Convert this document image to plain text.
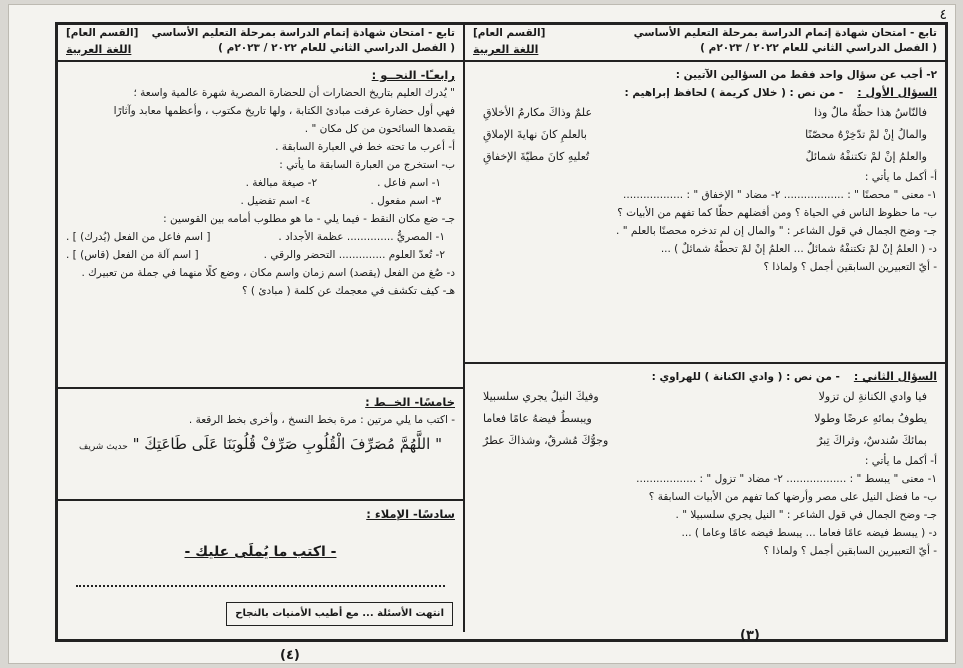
٤
تابع - امتحان شهادة إتمام الدراسة بمرحلة التعليم الأساسي
( الفصل الدراسي الثاني للعام ٢٠٢٢ / ٢٠٢٣م )
[القسم العام]
اللغة العربية
رابعـًا- النحــو :
" يُدرك العليم بتاريخ الحضارات أن للحضارة المصرية شهرة عالمية واسعة ؛
فهي أول حضارة عرفت مبادئ الكتابة ، ولها تاريخ مكتوب ، وأعظمها معابد وآثارًا
يقصدها السائحون من كل مكان " .
أ- أعرب ما تحته خط في العبارة السابقة .
ب- استخرج من العبارة السابقة ما يأتي :
١- اسم فاعل .
٢- صيغة مبالغة .
٣- اسم مفعول .
٤- اسم تفضيل .
جـ- ضع مكان النقط - فيما يلي - ما هو مطلوب أمامه بين القوسين :
١- المصريُّ .............. عظمة الأجداد .
[ اسم فاعل من الفعل (يُدرك) ] .
٢- تُعدّ العلوم .............. التحضر والرقي .
[ اسم آلة من الفعل (قاس) ] .
د- صُغ من الفعل (يقصد) اسم زمان واسم مكان ، وضع كلًا منهما في جملة من تعبيرك .
هـ- كيف تكشف في معجمك عن كلمة ( مبادئ ) ؟
خامسًا- الخــط :
- اكتب ما يلي مرتين : مرة بخط النسخ ، وأخرى بخط الرقعة .
" اللَّهُمَّ مُصَرِّفَ الْقُلُوبِ صَرِّفْ قُلُوبَنَا عَلَى طَاعَتِكَ " حديث شريف
سادسًا- الإملاء :
- اكتب ما يُملَى عليك -
انتهت الأسئلة ... مع أطيب الأمنيات بالنجاح
تابع - امتحان شهادة إتمام الدراسة بمرحلة التعليم الأساسي
( الفصل الدراسي الثاني للعام ٢٠٢٢ / ٢٠٢٣م )
[القسم العام]
اللغة العربية
٢- أجب عن سؤال واحد فقط من السؤالين الآتيين :
السؤال الأول :
- من نص : ( خلال كريمة ) لحافظ إبراهيم :
فالنّاسُ هذا حظّهُ مالٌ وذا
علمٌ وذاكَ مكارمُ الأخلاقِ
والمالُ إنْ لمْ تدّخِرْهُ محصّنًا
بالعلمِ كانَ نهايةَ الإملاقِ
والعلمُ إنْ لمْ تكتنفْهُ شمائلٌ
تُعليهِ كانَ مطيّةَ الإخفاقِ
أ- أكمل ما يأتي :
١- معنى " محصنًا " : .................. ٢- مضاد " الإخفاق " : ..................
ب- ما حظوظ الناس في الحياة ؟ ومن أفضلهم حظًّا كما تفهم من الأبيات ؟
جـ- وضح الجمال في قول الشاعر : " والمال إن لم تدخره محصنًا بالعلم " .
د- ( العلمُ إنْ لمْ تكتنفْهُ شمائلٌ ... العلمُ إنْ لمْ تحطْهُ شمائلٌ ) ...
- أيّ التعبيرين السابقين أجمل ؟ ولماذا ؟
السؤال الثاني :
- من نص : ( وادي الكنانة ) للهراوي :
فيا وادي الكنانةِ لن تزولا
وفيكَ النيلُ يجري سلسبيلا
يطوفُ بمائهِ عرضًا وطولا
ويبسطُ فيضهُ عامًا فعاما
بمائكَ سُندسٌ، وثراكَ تِبرٌ
وجوُّكَ مُشرقٌ، وشذاكَ عطرٌ
أ- أكمل ما يأتي :
١- معنى " يبسط " : .................. ٢- مضاد " تزول " : ..................
ب- ما فضل النيل على مصر وأرضها كما تفهم من الأبيات السابقة ؟
جـ- وضح الجمال في قول الشاعر : " النيل يجري سلسبيلا " .
د- ( يبسط فيضه عامًا فعاما ... يبسط فيضه عامًا وعاما ) ...
- أيّ التعبيرين السابقين أجمل ؟ ولماذا ؟
(٤)
(٣)
